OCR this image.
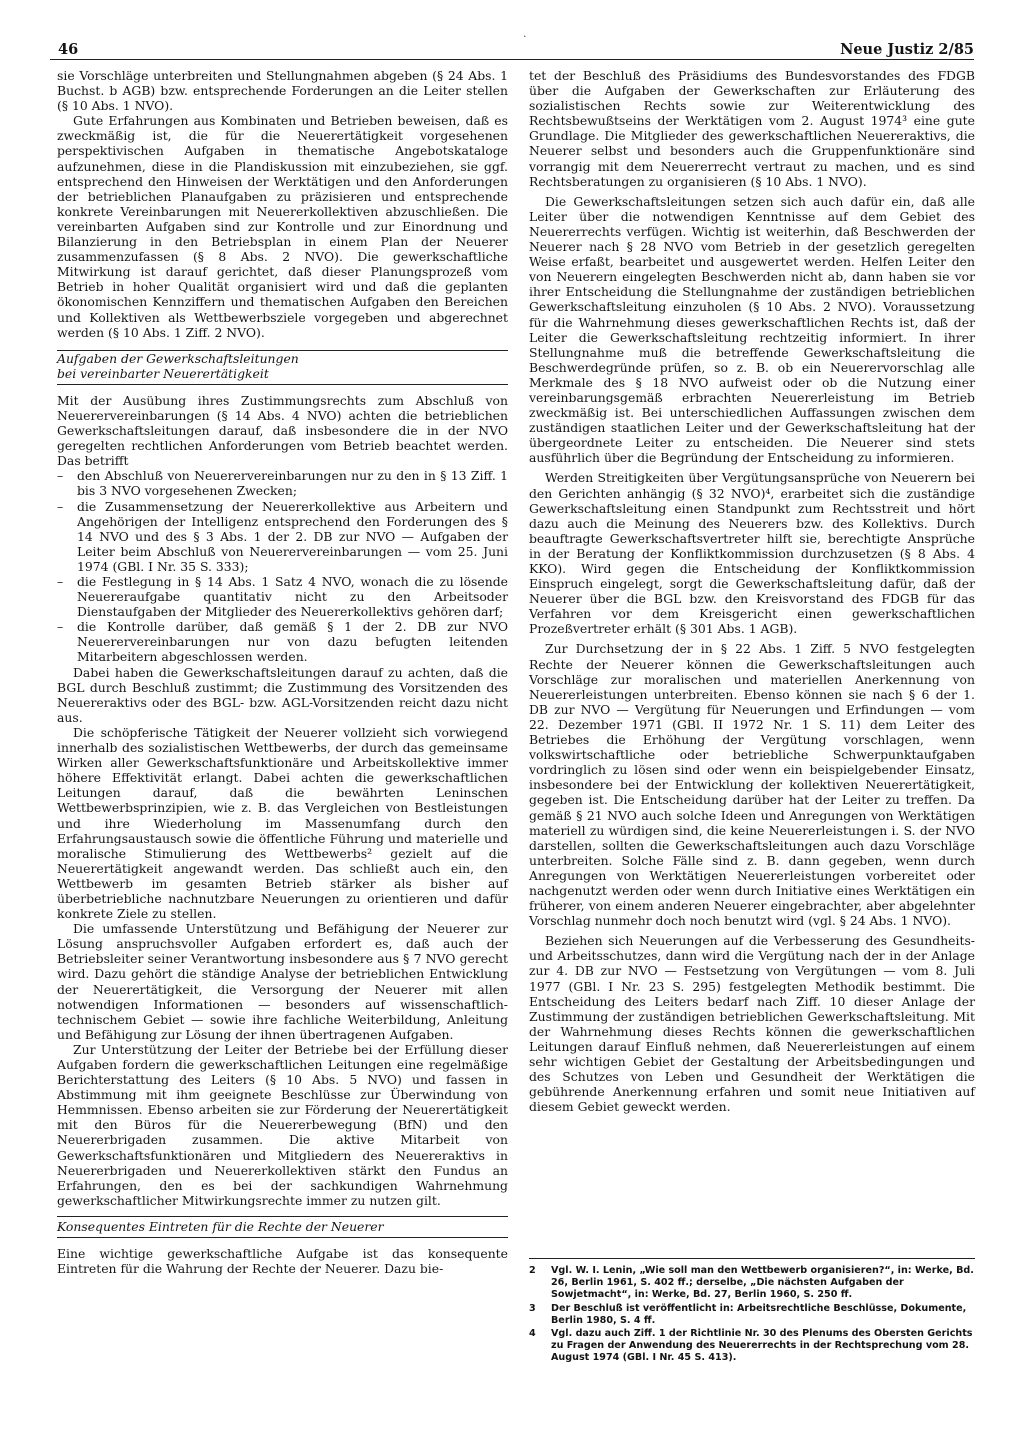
·
46	Neue Justiz 2/85

sie Vorschläge unterbreiten und Stellungnahmen abgeben (§ 24 Abs. 1 Buchst. b AGB) bzw. entsprechende Forderungen an die Leiter stellen (§ 10 Abs. 1 NVO).

Gute Erfahrungen aus Kombinaten und Betrieben beweisen, daß es zweckmäßig ist, die für die Neuerertätigkeit vorgesehenen perspektivischen Aufgaben in thematische Angebotskataloge aufzunehmen, diese in die Plandiskussion mit einzubeziehen, sie ggf. entsprechend den Hinweisen der Werktätigen und den Anforderungen der betrieblichen Planaufgaben zu präzisieren und entsprechende konkrete Vereinbarungen mit Neuererkollektiven abzuschließen. Die vereinbarten Aufgaben sind zur Kontrolle und zur Einordnung und Bilanzierung in den Betriebsplan in einem Plan der Neuerer zusammenzufassen (§ 8 Abs. 2 NVO). Die gewerkschaftliche Mitwirkung ist darauf gerichtet, daß dieser Planungsprozeß vom Betrieb in hoher Qualität organisiert wird und daß die geplanten ökonomischen Kennziffern und thematischen Aufgaben den Bereichen und Kollektiven als Wettbewerbsziele vorgegeben und abgerechnet werden (§ 10 Abs. 1 Ziff. 2 NVO).

Aufgaben der Gewerkschaftsleitungen
bei vereinbarter Neuerertätigkeit

Mit der Ausübung ihres Zustimmungsrechts zum Abschluß von Neuerervereinbarungen (§ 14 Abs. 4 NVO) achten die betrieblichen Gewerkschaftsleitungen darauf, daß insbesondere die in der NVO geregelten rechtlichen Anforderungen vom Betrieb beachtet werden. Das betrifft

– den Abschluß von Neuerervereinbarungen nur zu den in § 13 Ziff. 1 bis 3 NVO vorgesehenen Zwecken;
– die Zusammensetzung der Neuererkollektive aus Arbeitern und Angehörigen der Intelligenz entsprechend den Forderungen des § 14 NVO und des § 3 Abs. 1 der 2. DB zur NVO — Aufgaben der Leiter beim Abschluß von Neuerervereinbarungen — vom 25. Juni 1974 (GBl. I Nr. 35 S. 333);
– die Festlegung in § 14 Abs. 1 Satz 4 NVO, wonach die zu lösende Neuereraufgabe quantitativ nicht zu den Arbeitsoder Dienstaufgaben der Mitglieder des Neuererkollektivs gehören darf;
– die Kontrolle darüber, daß gemäß § 1 der 2. DB zur NVO Neuerervereinbarungen nur von dazu befugten leitenden Mitarbeitern abgeschlossen werden.

Dabei haben die Gewerkschaftsleitungen darauf zu achten, daß die BGL durch Beschluß zustimmt; die Zustimmung des Vorsitzenden des Neuereraktivs oder des BGL- bzw. AGL-Vorsitzenden reicht dazu nicht aus.

Die schöpferische Tätigkeit der Neuerer vollzieht sich vorwiegend innerhalb des sozialistischen Wettbewerbs, der durch das gemeinsame Wirken aller Gewerkschaftsfunktionäre und Arbeitskollektive immer höhere Effektivität erlangt. Dabei achten die gewerkschaftlichen Leitungen darauf, daß die bewährten Leninschen Wettbewerbsprinzipien, wie z. B. das Vergleichen von Bestleistungen und ihre Wiederholung im Massenumfang durch den Erfahrungsaustausch sowie die öffentliche Führung und materielle und moralische Stimulierung des Wettbewerbs² gezielt auf die Neuerertätigkeit angewandt werden. Das schließt auch ein, den Wettbewerb im gesamten Betrieb stärker als bisher auf überbetriebliche nachnutzbare Neuerungen zu orientieren und dafür konkrete Ziele zu stellen.

Die umfassende Unterstützung und Befähigung der Neuerer zur Lösung anspruchsvoller Aufgaben erfordert es, daß auch der Betriebsleiter seiner Verantwortung insbesondere aus § 7 NVO gerecht wird. Dazu gehört die ständige Analyse der betrieblichen Entwicklung der Neuerertätigkeit, die Versorgung der Neuerer mit allen notwendigen Informationen — besonders auf wissenschaftlich-technischem Gebiet — sowie ihre fachliche Weiterbildung, Anleitung und Befähigung zur Lösung der ihnen übertragenen Aufgaben.

Zur Unterstützung der Leiter der Betriebe bei der Erfüllung dieser Aufgaben fordern die gewerkschaftlichen Leitungen eine regelmäßige Berichterstattung des Leiters (§ 10 Abs. 5 NVO) und fassen in Abstimmung mit ihm geeignete Beschlüsse zur Überwindung von Hemmnissen. Ebenso arbeiten sie zur Förderung der Neuerertätigkeit mit den Büros für die Neuererbewegung (BfN) und den Neuererbrigaden zusammen. Die aktive Mitarbeit von Gewerkschaftsfunktionären und Mitgliedern des Neuereraktivs in Neuererbrigaden und Neuererkollektiven stärkt den Fundus an Erfahrungen, den es bei der sachkundigen Wahrnehmung gewerkschaftlicher Mitwirkungsrechte immer zu nutzen gilt.

Konsequentes Eintreten für die Rechte der Neuerer

Eine wichtige gewerkschaftliche Aufgabe ist das konsequente Eintreten für die Wahrung der Rechte der Neuerer. Dazu bie-

tet der Beschluß des Präsidiums des Bundesvorstandes des FDGB über die Aufgaben der Gewerkschaften zur Erläuterung des sozialistischen Rechts sowie zur Weiterentwicklung des Rechtsbewußtseins der Werktätigen vom 2. August 1974³ eine gute Grundlage. Die Mitglieder des gewerkschaftlichen Neuereraktivs, die Neuerer selbst und besonders auch die Gruppenfunktionäre sind vorrangig mit dem Neuererrecht vertraut zu machen, und es sind Rechtsberatungen zu organisieren (§ 10 Abs. 1 NVO).

Die Gewerkschaftsleitungen setzen sich auch dafür ein, daß alle Leiter über die notwendigen Kenntnisse auf dem Gebiet des Neuererrechts verfügen. Wichtig ist weiterhin, daß Beschwerden der Neuerer nach § 28 NVO vom Betrieb in der gesetzlich geregelten Weise erfaßt, bearbeitet und ausgewertet werden. Helfen Leiter den von Neuerern eingelegten Beschwerden nicht ab, dann haben sie vor ihrer Entscheidung die Stellungnahme der zuständigen betrieblichen Gewerkschaftsleitung einzuholen (§ 10 Abs. 2 NVO). Voraussetzung für die Wahrnehmung dieses gewerkschaftlichen Rechts ist, daß der Leiter die Gewerkschaftsleitung rechtzeitig informiert. In ihrer Stellungnahme muß die betreffende Gewerkschaftsleitung die Beschwerdegründe prüfen, so z. B. ob ein Neuerervorschlag alle Merkmale des § 18 NVO aufweist oder ob die Nutzung einer vereinbarungsgemäß erbrachten Neuererleistung im Betrieb zweckmäßig ist. Bei unterschiedlichen Auffassungen zwischen dem zuständigen staatlichen Leiter und der Gewerkschaftsleitung hat der übergeordnete Leiter zu entscheiden. Die Neuerer sind stets ausführlich über die Begründung der Entscheidung zu informieren.

Werden Streitigkeiten über Vergütungsansprüche von Neuerern bei den Gerichten anhängig (§ 32 NVO)⁴, erarbeitet sich die zuständige Gewerkschaftsleitung einen Standpunkt zum Rechtsstreit und hört dazu auch die Meinung des Neuerers bzw. des Kollektivs. Durch beauftragte Gewerkschaftsvertreter hilft sie, berechtigte Ansprüche in der Beratung der Konfliktkommission durchzusetzen (§ 8 Abs. 4 KKO). Wird gegen die Entscheidung der Konfliktkommission Einspruch eingelegt, sorgt die Gewerkschaftsleitung dafür, daß der Neuerer über die BGL bzw. den Kreisvorstand des FDGB für das Verfahren vor dem Kreisgericht einen gewerkschaftlichen Prozeßvertreter erhält (§ 301 Abs. 1 AGB).

Zur Durchsetzung der in § 22 Abs. 1 Ziff. 5 NVO festgelegten Rechte der Neuerer können die Gewerkschaftsleitungen auch Vorschläge zur moralischen und materiellen Anerkennung von Neuererleistungen unterbreiten. Ebenso können sie nach § 6 der 1. DB zur NVO — Vergütung für Neuerungen und Erfindungen — vom 22. Dezember 1971 (GBl. II 1972 Nr. 1 S. 11) dem Leiter des Betriebes die Erhöhung der Vergütung vorschlagen, wenn volkswirtschaftliche oder betriebliche Schwerpunktaufgaben vordringlich zu lösen sind oder wenn ein beispielgebender Einsatz, insbesondere bei der Entwicklung der kollektiven Neuerertätigkeit, gegeben ist. Die Entscheidung darüber hat der Leiter zu treffen. Da gemäß § 21 NVO auch solche Ideen und Anregungen von Werktätigen materiell zu würdigen sind, die keine Neuererleistungen i. S. der NVO darstellen, sollten die Gewerkschaftsleitungen auch dazu Vorschläge unterbreiten. Solche Fälle sind z. B. dann gegeben, wenn durch Anregungen von Werktätigen Neuererleistungen vorbereitet oder nachgenutzt werden oder wenn durch Initiative eines Werktätigen ein früherer, von einem anderen Neuerer eingebrachter, aber abgelehnter Vorschlag nunmehr doch noch benutzt wird (vgl. § 24 Abs. 1 NVO).

Beziehen sich Neuerungen auf die Verbesserung des Gesundheits- und Arbeitsschutzes, dann wird die Vergütung nach der in der Anlage zur 4. DB zur NVO — Festsetzung von Vergütungen — vom 8. Juli 1977 (GBl. I Nr. 23 S. 295) festgelegten Methodik bestimmt. Die Entscheidung des Leiters bedarf nach Ziff. 10 dieser Anlage der Zustimmung der zuständigen betrieblichen Gewerkschaftsleitung. Mit der Wahrnehmung dieses Rechts können die gewerkschaftlichen Leitungen darauf Einfluß nehmen, daß Neuererleistungen auf einem sehr wichtigen Gebiet der Gestaltung der Arbeitsbedingungen und des Schutzes von Leben und Gesundheit der Werktätigen die gebührende Anerkennung erfahren und somit neue Initiativen auf diesem Gebiet geweckt werden.

2 Vgl. W. I. Lenin, „Wie soll man den Wettbewerb organisieren?“, in: Werke, Bd. 26, Berlin 1961, S. 402 ff.; derselbe, „Die nächsten Aufgaben der Sowjetmacht“, in: Werke, Bd. 27, Berlin 1960, S. 250 ff.
3 Der Beschluß ist veröffentlicht in: Arbeitsrechtliche Beschlüsse, Dokumente, Berlin 1980, S. 4 ff.
4 Vgl. dazu auch Ziff. 1 der Richtlinie Nr. 30 des Plenums des Obersten Gerichts zu Fragen der Anwendung des Neuererrechts in der Rechtsprechung vom 28. August 1974 (GBl. I Nr. 45 S. 413).
